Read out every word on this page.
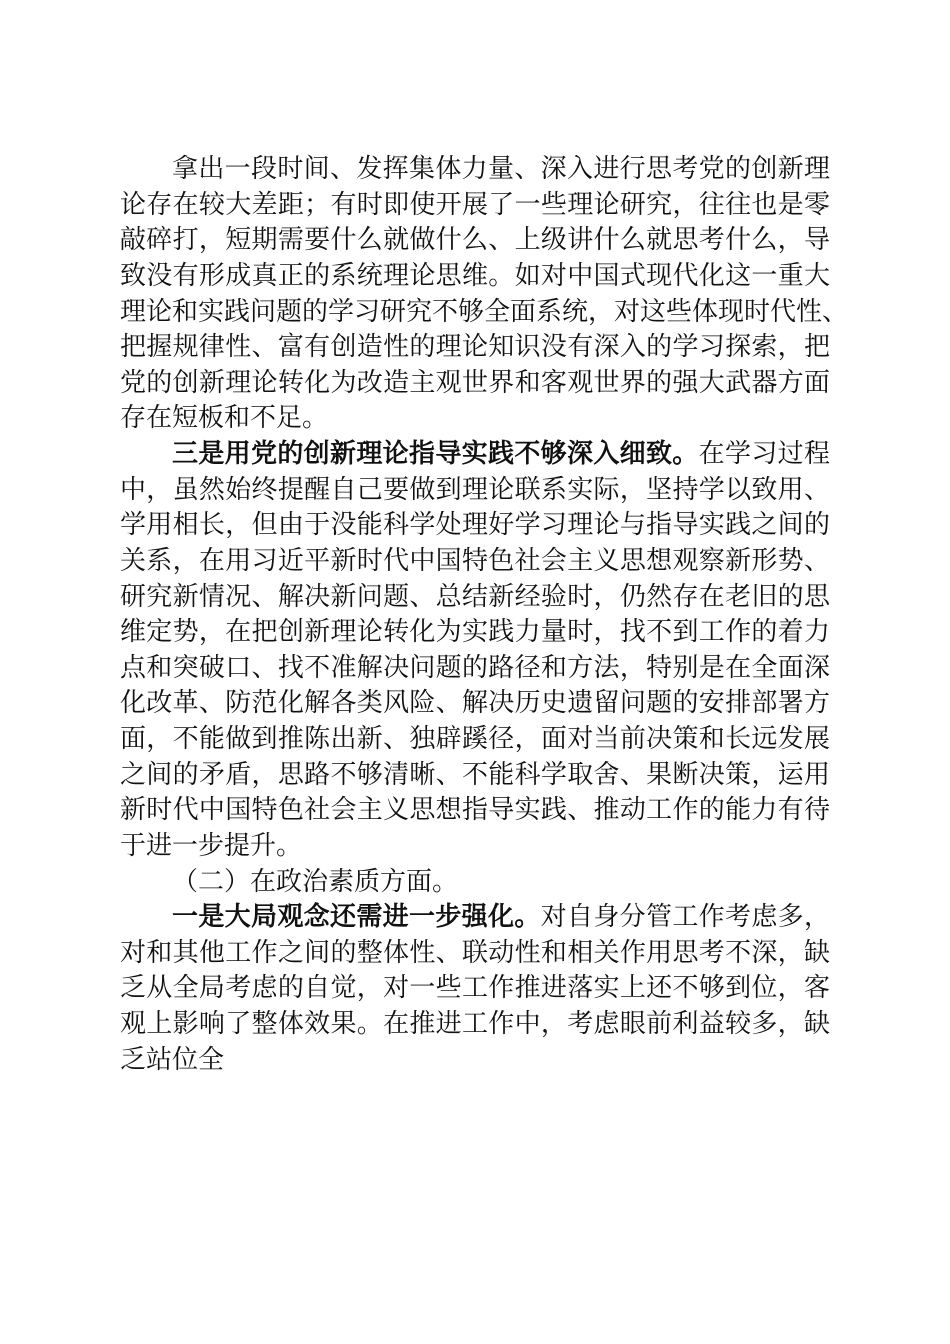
拿出一段时间、发挥集体力量、深入进行思考党的创新理
论存在较大差距；有时即使开展了一些理论研究，往往也是零
敲碎打，短期需要什么就做什么、上级讲什么就思考什么，导
致没有形成真正的系统理论思维。如对中国式现代化这一重大
理论和实践问题的学习研究不够全面系统，对这些体现时代性、
把握规律性、富有创造性的理论知识没有深入的学习探索，把
党的创新理论转化为改造主观世界和客观世界的强大武器方面
存在短板和不足。
三是用党的创新理论指导实践不够深入细致。在学习过程
中，虽然始终提醒自己要做到理论联系实际，坚持学以致用、
学用相长，但由于没能科学处理好学习理论与指导实践之间的
关系，在用习近平新时代中国特色社会主义思想观察新形势、
研究新情况、解决新问题、总结新经验时，仍然存在老旧的思
维定势，在把创新理论转化为实践力量时，找不到工作的着力
点和突破口、找不准解决问题的路径和方法，特别是在全面深
化改革、防范化解各类风险、解决历史遗留问题的安排部署方
面，不能做到推陈出新、独辟蹊径，面对当前决策和长远发展
之间的矛盾，思路不够清晰、不能科学取舍、果断决策，运用
新时代中国特色社会主义思想指导实践、推动工作的能力有待
于进一步提升。
（二）在政治素质方面。
一是大局观念还需进一步强化。对自身分管工作考虑多，
对和其他工作之间的整体性、联动性和相关作用思考不深，缺
乏从全局考虑的自觉，对一些工作推进落实上还不够到位，客
观上影响了整体效果。在推进工作中，考虑眼前利益较多，缺
乏站位全
